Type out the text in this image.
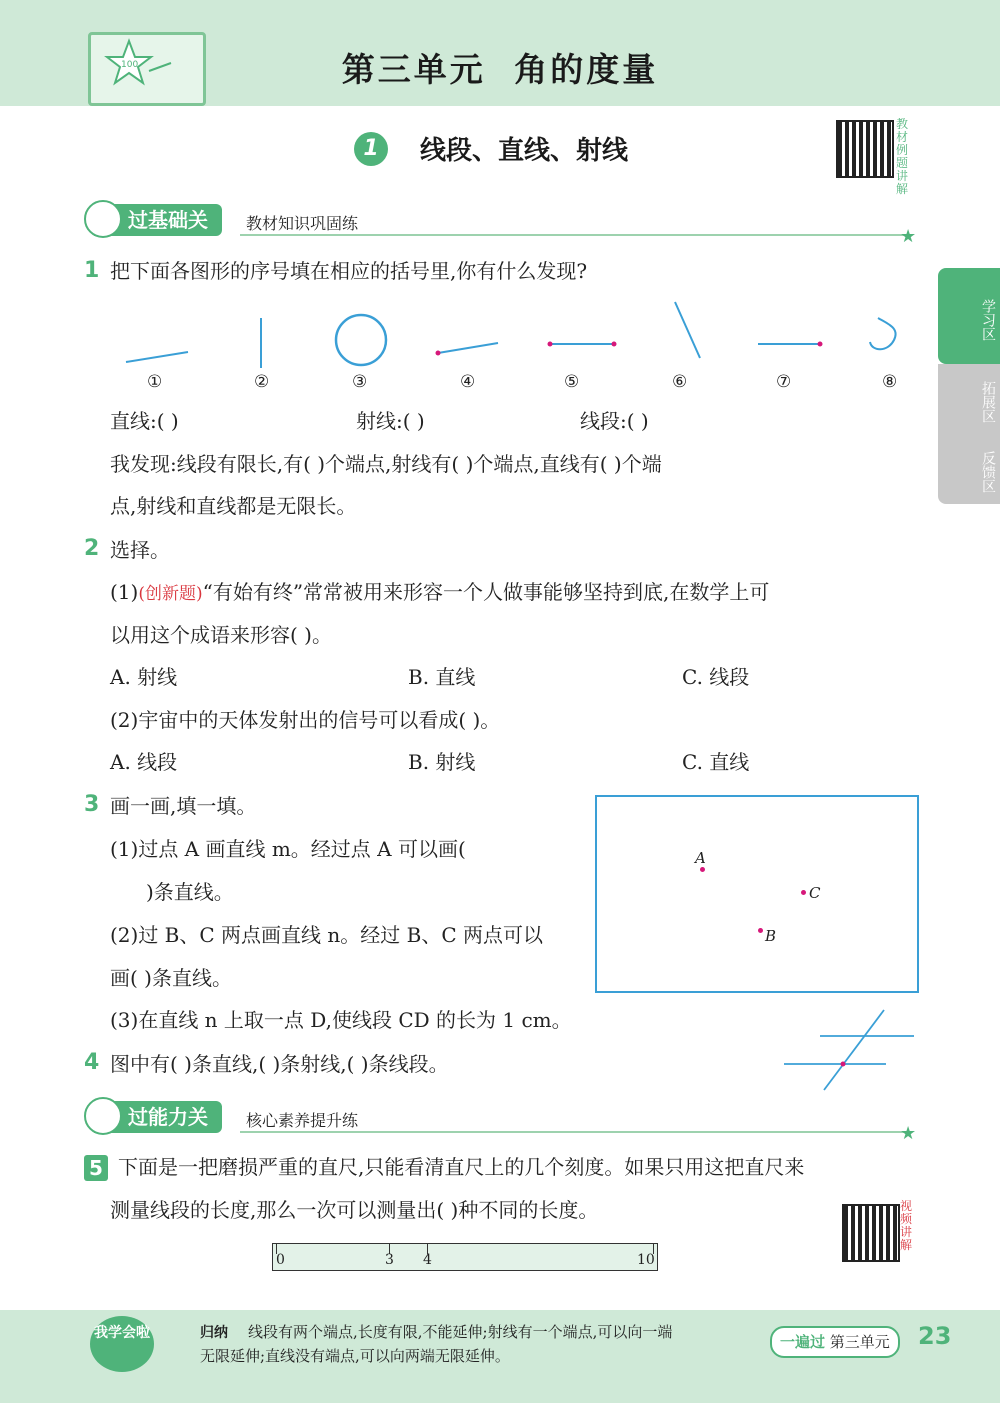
100	第三单元 角的度量
1	线段、直线、射线
教材例题讲解
过基础关	教材知识巩固练
★
学习区
拓展区
反馈区
1 把下面各图形的序号填在相应的括号里,你有什么发现?
①	②	③	④	⑤	⑥	⑦	⑧
直线:( )	射线:( )	线段:( )
我发现:线段有限长,有( )个端点,射线有( )个端点,直线有( )个端
点,射线和直线都是无限长。
2 选择。
(1)(创新题)“有始有终”常常被用来形容一个人做事能够坚持到底,在数学上可
以用这个成语来形容( )。
A. 射线	B. 直线	C. 线段
(2)宇宙中的天体发射出的信号可以看成( )。
A. 线段	B. 射线	C. 直线
3 画一画,填一填。
(1)过点 A 画直线 m。经过点 A 可以画(
)条直线。
(2)过 B、C 两点画直线 n。经过 B、C 两点可以
画( )条直线。
(3)在直线 n 上取一点 D,使线段 CD 的长为 1 cm。
A
C
B
4 图中有( )条直线,( )条射线,( )条线段。
过能力关	核心素养提升练
★
5 下面是一把磨损严重的直尺,只能看清直尺上的几个刻度。如果只用这把直尺来
测量线段的长度,那么一次可以测量出( )种不同的长度。	视频讲解
0	3 4	10
我学会啦	归纳 线段有两个端点,长度有限,不能延伸;射线有一个端点,可以向一端
无限延伸;直线没有端点,可以向两端无限延伸。
一遍过 第三单元	23
